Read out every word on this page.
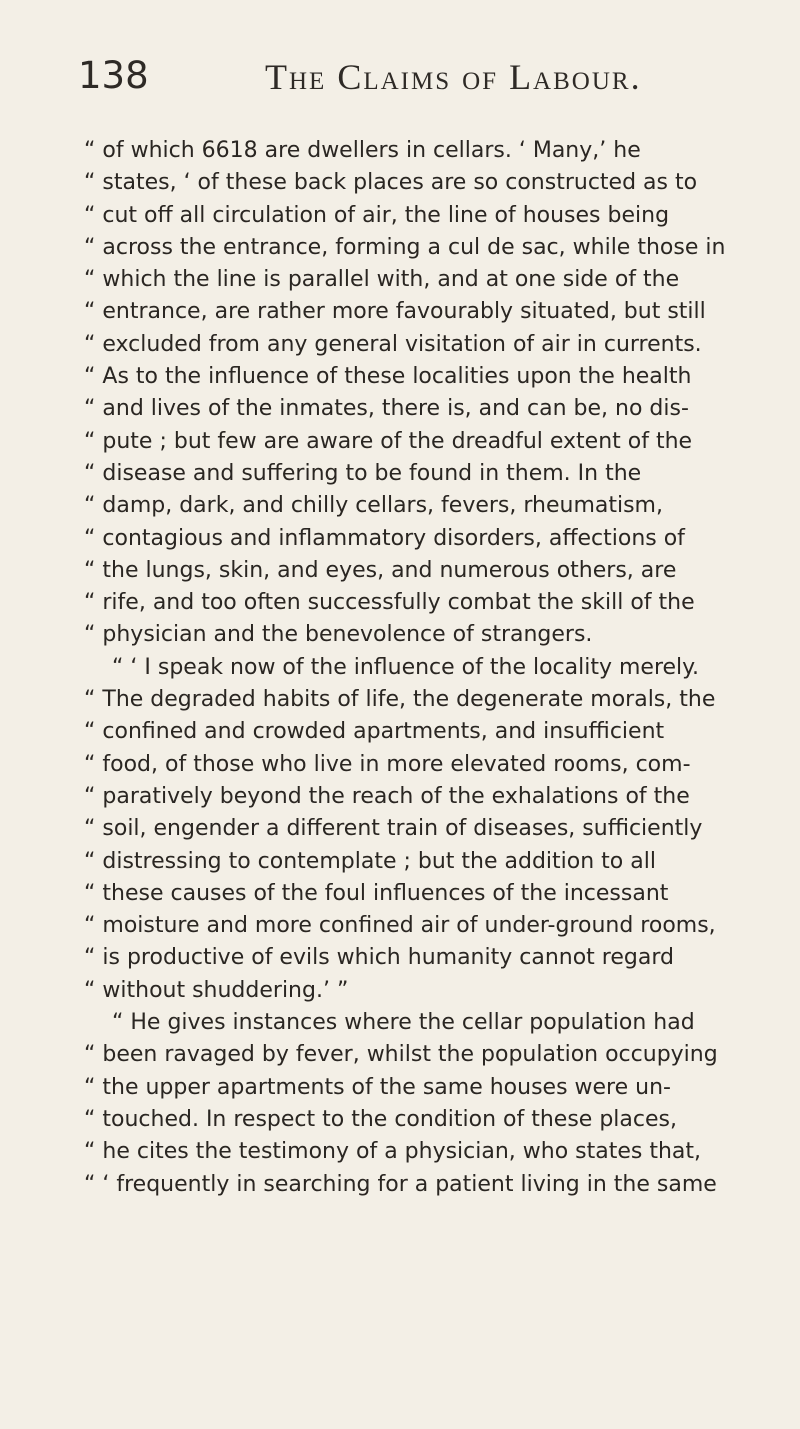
138	The Claims of Labour.
“ of which 6618 are dwellers in cellars. ‘ Many,’ he
“ states, ‘ of these back places are so constructed as to
“ cut off all circulation of air, the line of houses being
“ across the entrance, forming a cul de sac, while those in
“ which the line is parallel with, and at one side of the
“ entrance, are rather more favourably situated, but still
“ excluded from any general visitation of air in currents.
“ As to the influence of these localities upon the health
“ and lives of the inmates, there is, and can be, no dis-
“ pute ; but few are aware of the dreadful extent of the
“ disease and suffering to be found in them. In the
“ damp, dark, and chilly cellars, fevers, rheumatism,
“ contagious and inflammatory disorders, affections of
“ the lungs, skin, and eyes, and numerous others, are
“ rife, and too often successfully combat the skill of the
“ physician and the benevolence of strangers.
“ ‘ I speak now of the influence of the locality merely.
“ The degraded habits of life, the degenerate morals, the
“ confined and crowded apartments, and insufficient
“ food, of those who live in more elevated rooms, com-
“ paratively beyond the reach of the exhalations of the
“ soil, engender a different train of diseases, sufficiently
“ distressing to contemplate ; but the addition to all
“ these causes of the foul influences of the incessant
“ moisture and more confined air of under-ground rooms,
“ is productive of evils which humanity cannot regard
“ without shuddering.’ ”
“ He gives instances where the cellar population had
“ been ravaged by fever, whilst the population occupying
“ the upper apartments of the same houses were un-
“ touched. In respect to the condition of these places,
“ he cites the testimony of a physician, who states that,
“ ‘ frequently in searching for a patient living in the same
